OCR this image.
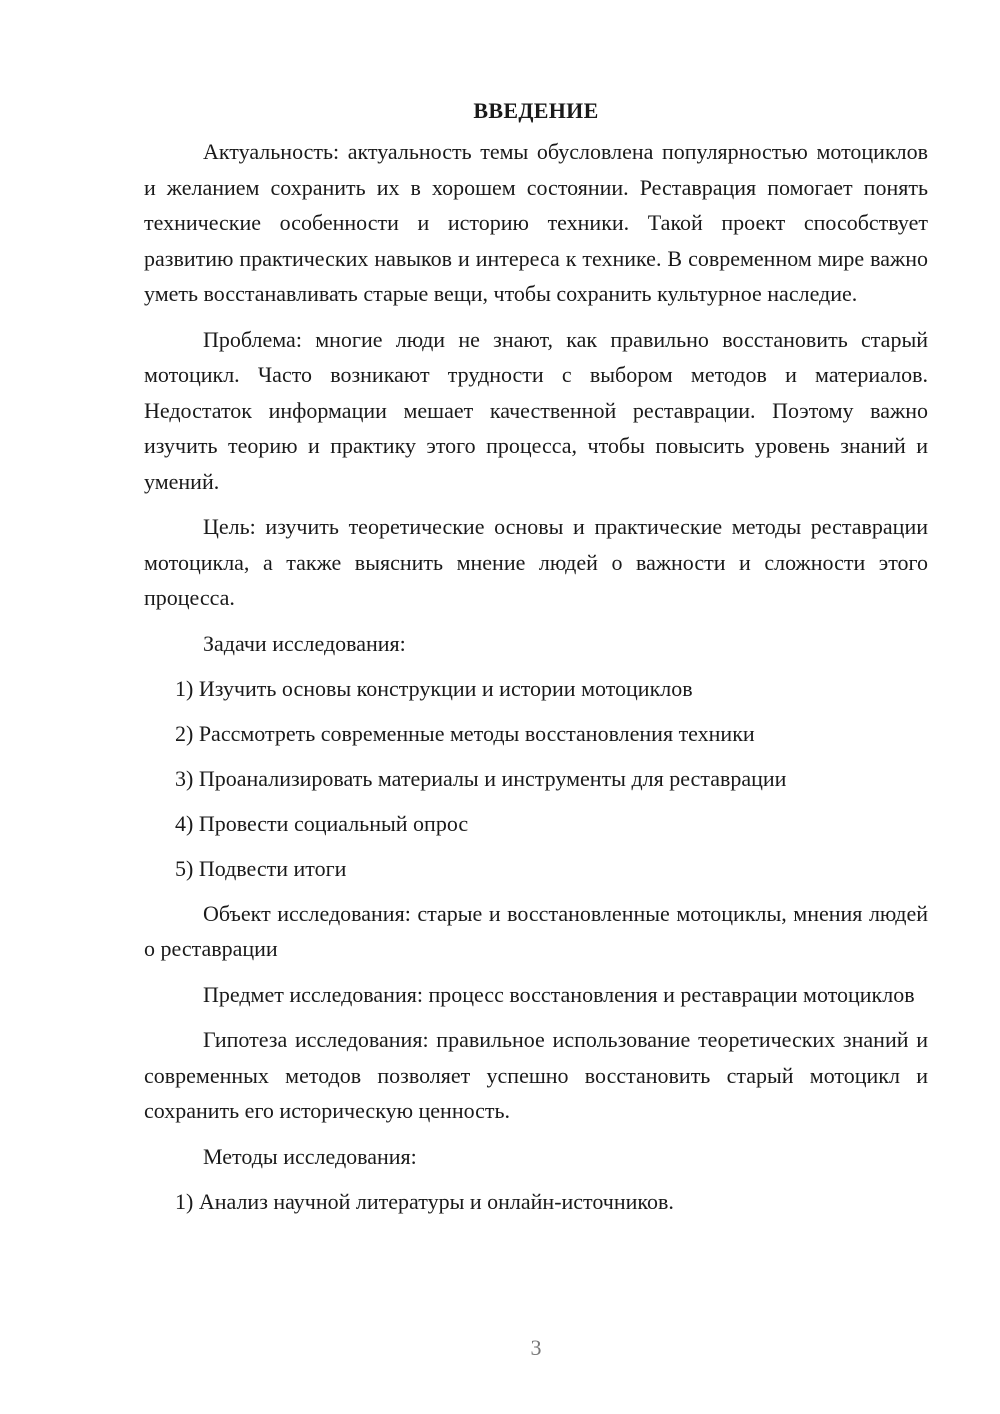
ВВЕДЕНИЕ

Актуальность: актуальность темы обусловлена популярностью мотоциклов и желанием сохранить их в хорошем состоянии. Реставрация помогает понять технические особенности и историю техники. Такой проект способствует развитию практических навыков и интереса к технике. В современном мире важно уметь восстанавливать старые вещи, чтобы сохранить культурное наследие.

Проблема: многие люди не знают, как правильно восстановить старый мотоцикл. Часто возникают трудности с выбором методов и материалов. Недостаток информации мешает качественной реставрации. Поэтому важно изучить теорию и практику этого процесса, чтобы повысить уровень знаний и умений.

Цель: изучить теоретические основы и практические методы реставрации мотоцикла, а также выяснить мнение людей о важности и сложности этого процесса.

Задачи исследования:
1) Изучить основы конструкции и истории мотоциклов
2) Рассмотреть современные методы восстановления техники
3) Проанализировать материалы и инструменты для реставрации
4) Провести социальный опрос
5) Подвести итоги

Объект исследования: старые и восстановленные мотоциклы, мнения людей о реставрации

Предмет исследования: процесс восстановления и реставрации мотоциклов

Гипотеза исследования: правильное использование теоретических знаний и современных методов позволяет успешно восстановить старый мотоцикл и сохранить его историческую ценность.

Методы исследования:
1) Анализ научной литературы и онлайн-источников.
3
